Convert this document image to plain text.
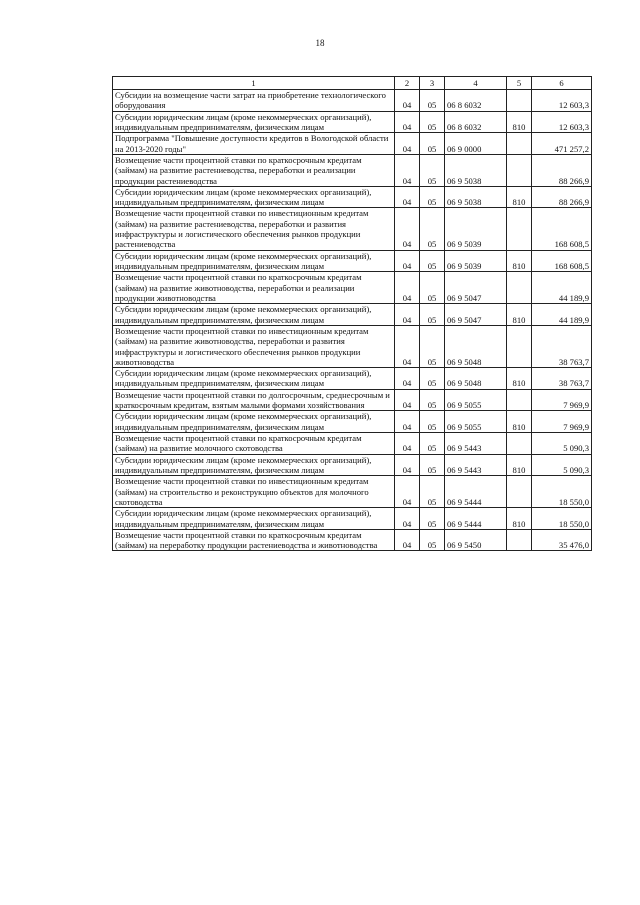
18
1	2	3	4	5	6
Субсидии на возмещение части затрат на приобретение технологического оборудования	04	05	06 8 6032		12 603,3
Субсидии юридическим лицам (кроме некоммерческих организаций), индивидуальным предпринимателям, физическим лицам	04	05	06 8 6032	810	12 603,3
Подпрограмма "Повышение доступности кредитов в Вологодской области на 2013-2020 годы"	04	05	06 9 0000		471 257,2
Возмещение части процентной ставки по краткосрочным кредитам (займам) на развитие растениеводства, переработки и реализации продукции растениеводства	04	05	06 9 5038		88 266,9
Субсидии юридическим лицам (кроме некоммерческих организаций), индивидуальным предпринимателям, физическим лицам	04	05	06 9 5038	810	88 266,9
Возмещение части процентной ставки по инвестиционным кредитам (займам) на развитие растениеводства, переработки и развития инфраструктуры и логистического обеспечения рынков продукции растениеводства	04	05	06 9 5039		168 608,5
Субсидии юридическим лицам (кроме некоммерческих организаций), индивидуальным предпринимателям, физическим лицам	04	05	06 9 5039	810	168 608,5
Возмещение части процентной ставки по краткосрочным кредитам (займам) на развитие животноводства, переработки и реализации продукции животноводства	04	05	06 9 5047		44 189,9
Субсидии юридическим лицам (кроме некоммерческих организаций), индивидуальным предпринимателям, физическим лицам	04	05	06 9 5047	810	44 189,9
Возмещение части процентной ставки по инвестиционным кредитам (займам) на развитие животноводства, переработки и развития инфраструктуры и логистического обеспечения рынков продукции животноводства	04	05	06 9 5048		38 763,7
Субсидии юридическим лицам (кроме некоммерческих организаций), индивидуальным предпринимателям, физическим лицам	04	05	06 9 5048	810	38 763,7
Возмещение части процентной ставки по долгосрочным, среднесрочным и краткосрочным кредитам, взятым малыми формами хозяйствования	04	05	06 9 5055		7 969,9
Субсидии юридическим лицам (кроме некоммерческих организаций), индивидуальным предпринимателям, физическим лицам	04	05	06 9 5055	810	7 969,9
Возмещение части процентной ставки по краткосрочным кредитам (займам) на развитие молочного скотоводства	04	05	06 9 5443		5 090,3
Субсидии юридическим лицам (кроме некоммерческих организаций), индивидуальным предпринимателям, физическим лицам	04	05	06 9 5443	810	5 090,3
Возмещение части процентной ставки по инвестиционным кредитам (займам) на строительство и реконструкцию объектов для молочного скотоводства	04	05	06 9 5444		18 550,0
Субсидии юридическим лицам (кроме некоммерческих организаций), индивидуальным предпринимателям, физическим лицам	04	05	06 9 5444	810	18 550,0
Возмещение части процентной ставки по краткосрочным кредитам (займам) на переработку продукции растениеводства и животноводства	04	05	06 9 5450		35 476,0
